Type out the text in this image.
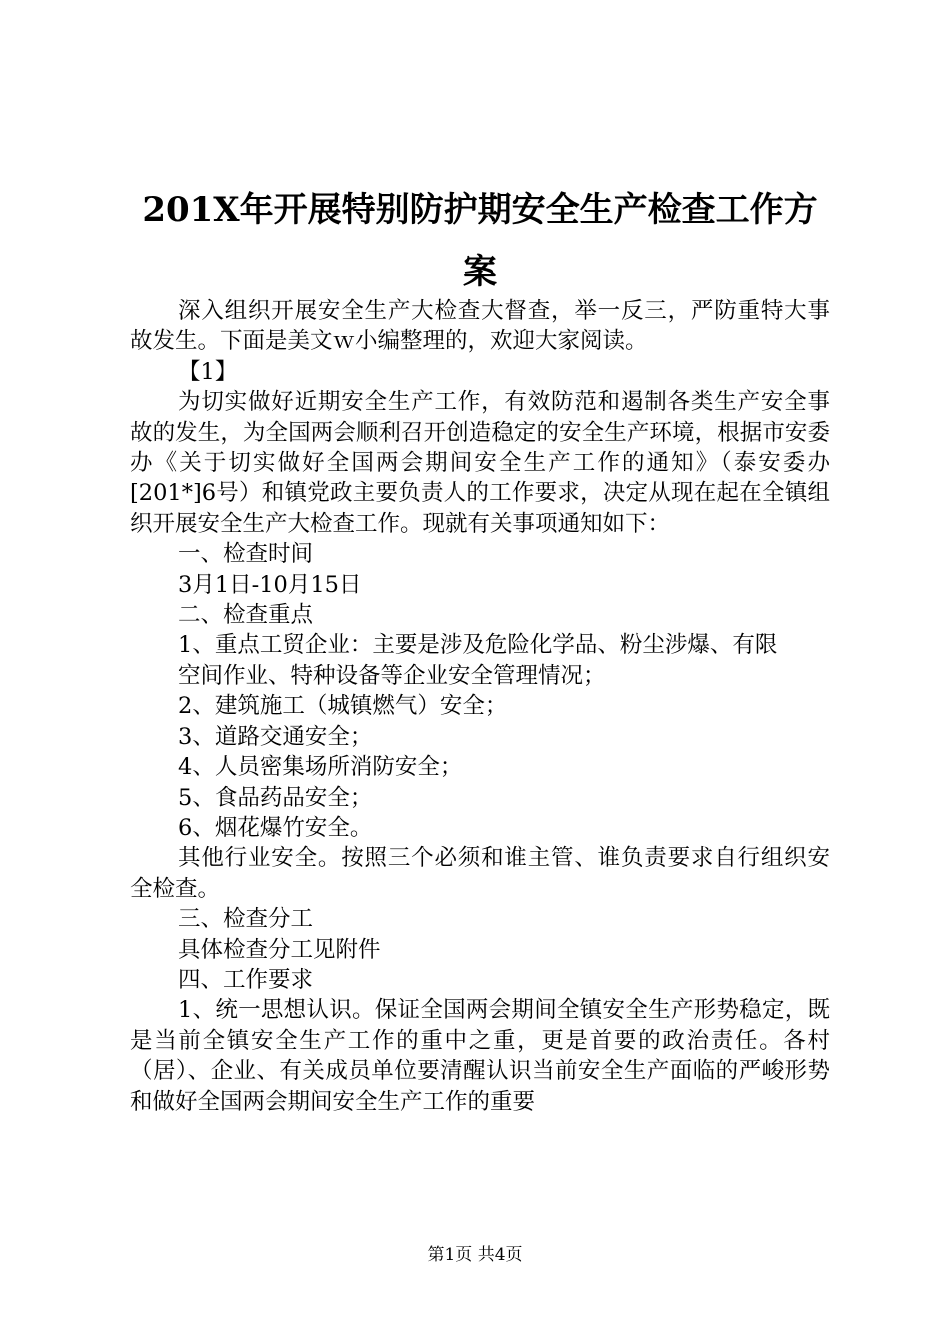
201X年开展特别防护期安全生产检查工作方
案

深入组织开展安全生产大检查大督查，举一反三，严防重特大事故发生。下面是美文ｗ小编整理的，欢迎大家阅读。

【1】

为切实做好近期安全生产工作，有效防范和遏制各类生产安全事故的发生，为全国两会顺利召开创造稳定的安全生产环境，根据市安委办《关于切实做好全国两会期间安全生产工作的通知》（泰安委办[201*]6号）和镇党政主要负责人的工作要求，决定从现在起在全镇组织开展安全生产大检查工作。现就有关事项通知如下：

一、检查时间

3月1日-10月15日

二、检查重点

1、重点工贸企业：主要是涉及危险化学品、粉尘涉爆、有限

空间作业、特种设备等企业安全管理情况；

2、建筑施工（城镇燃气）安全；

3、道路交通安全；

4、人员密集场所消防安全；

5、食品药品安全；

6、烟花爆竹安全。

其他行业安全。按照三个必须和谁主管、谁负责要求自行组织安全检查。

三、检查分工

具体检查分工见附件

四、工作要求

1、统一思想认识。保证全国两会期间全镇安全生产形势稳定，既是当前全镇安全生产工作的重中之重，更是首要的政治责任。各村（居）、企业、有关成员单位要清醒认识当前安全生产面临的严峻形势和做好全国两会期间安全生产工作的重要

第1页 共4页
